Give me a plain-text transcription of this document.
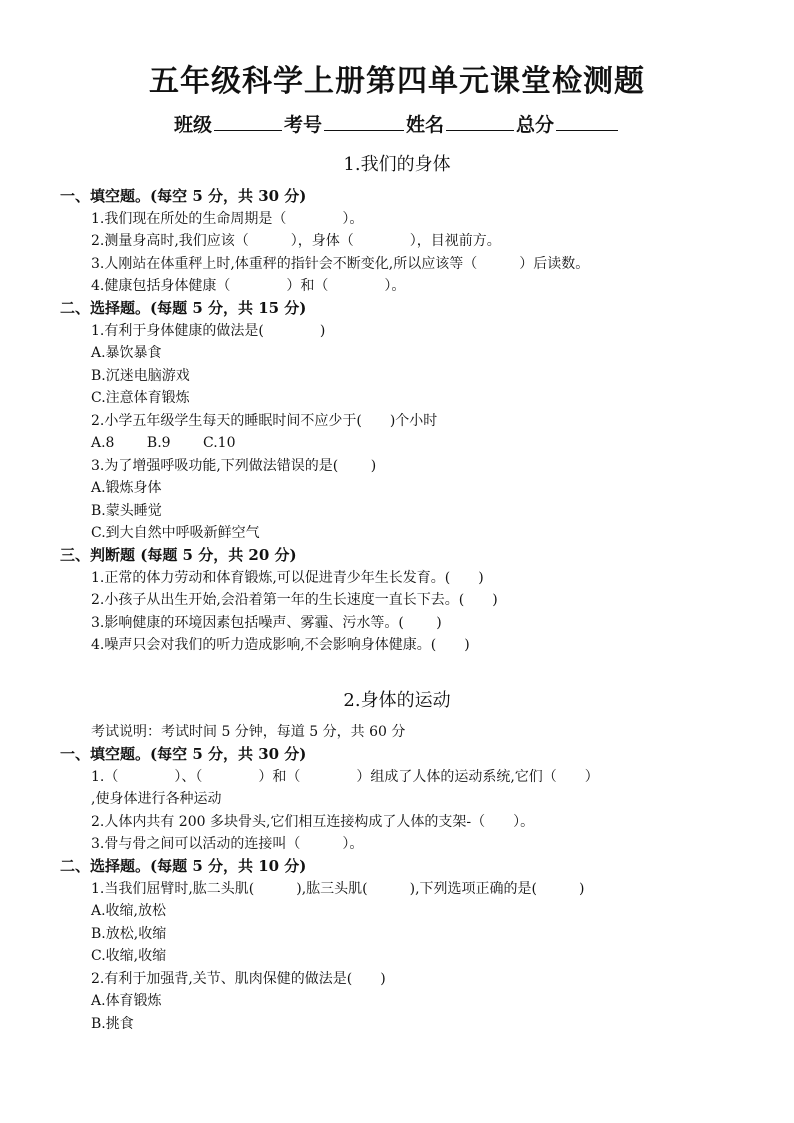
五年级科学上册第四单元课堂检测题
班级	考号	姓名	总分
1.我们的身体
一、填空题。(每空 5 分，共 30 分)
1.我们现在所处的生命周期是（　　　　）。
2.测量身高时,我们应该（　　　），身体（　　　　），目视前方。
3.人刚站在体重秤上时,体重秤的指针会不断变化,所以应该等（　　　）后读数。
4.健康包括身体健康（　　　　）和（　　　　）。
二、选择题。(每题 5 分，共 15 分)
1.有利于身体健康的做法是(　　　　)
A.暴饮暴食
B.沉迷电脑游戏
C.注意体育锻炼
2.小学五年级学生每天的睡眠时间不应少于(　　)个小时
A.8　　 B.9　　 C.10
3.为了增强呼吸功能,下列做法错误的是(　　 )
A.锻炼身体
B.蒙头睡觉
C.到大自然中呼吸新鲜空气
三、判断题 (每题 5 分，共 20 分)
1.正常的体力劳动和体育锻炼,可以促进青少年生长发育。(　　)
2.小孩子从出生开始,会沿着第一年的生长速度一直长下去。(　　)
3.影响健康的环境因素包括噪声、雾霾、污水等。(　　 )
4.噪声只会对我们的听力造成影响,不会影响身体健康。(　　)
2.身体的运动
考试说明：考试时间 5 分钟，每道 5 分，共 60 分
一、填空题。(每空 5 分，共 30 分)
1.（　　　　）、（　　　　）和（　　　　）组成了人体的运动系统,它们（　　）
,使身体进行各种运动
2.人体内共有 200 多块骨头,它们相互连接构成了人体的支架-（　　）。
3.骨与骨之间可以活动的连接叫（　　　）。
二、选择题。(每题 5 分，共 10 分)
1.当我们屈臂时,肱二头肌(　　　),肱三头肌(　　　),下列选项正确的是(　　　)
A.收缩,放松
B.放松,收缩
C.收缩,收缩
2.有利于加强背,关节、肌肉保健的做法是(　　)
A.体育锻炼
B.挑食
